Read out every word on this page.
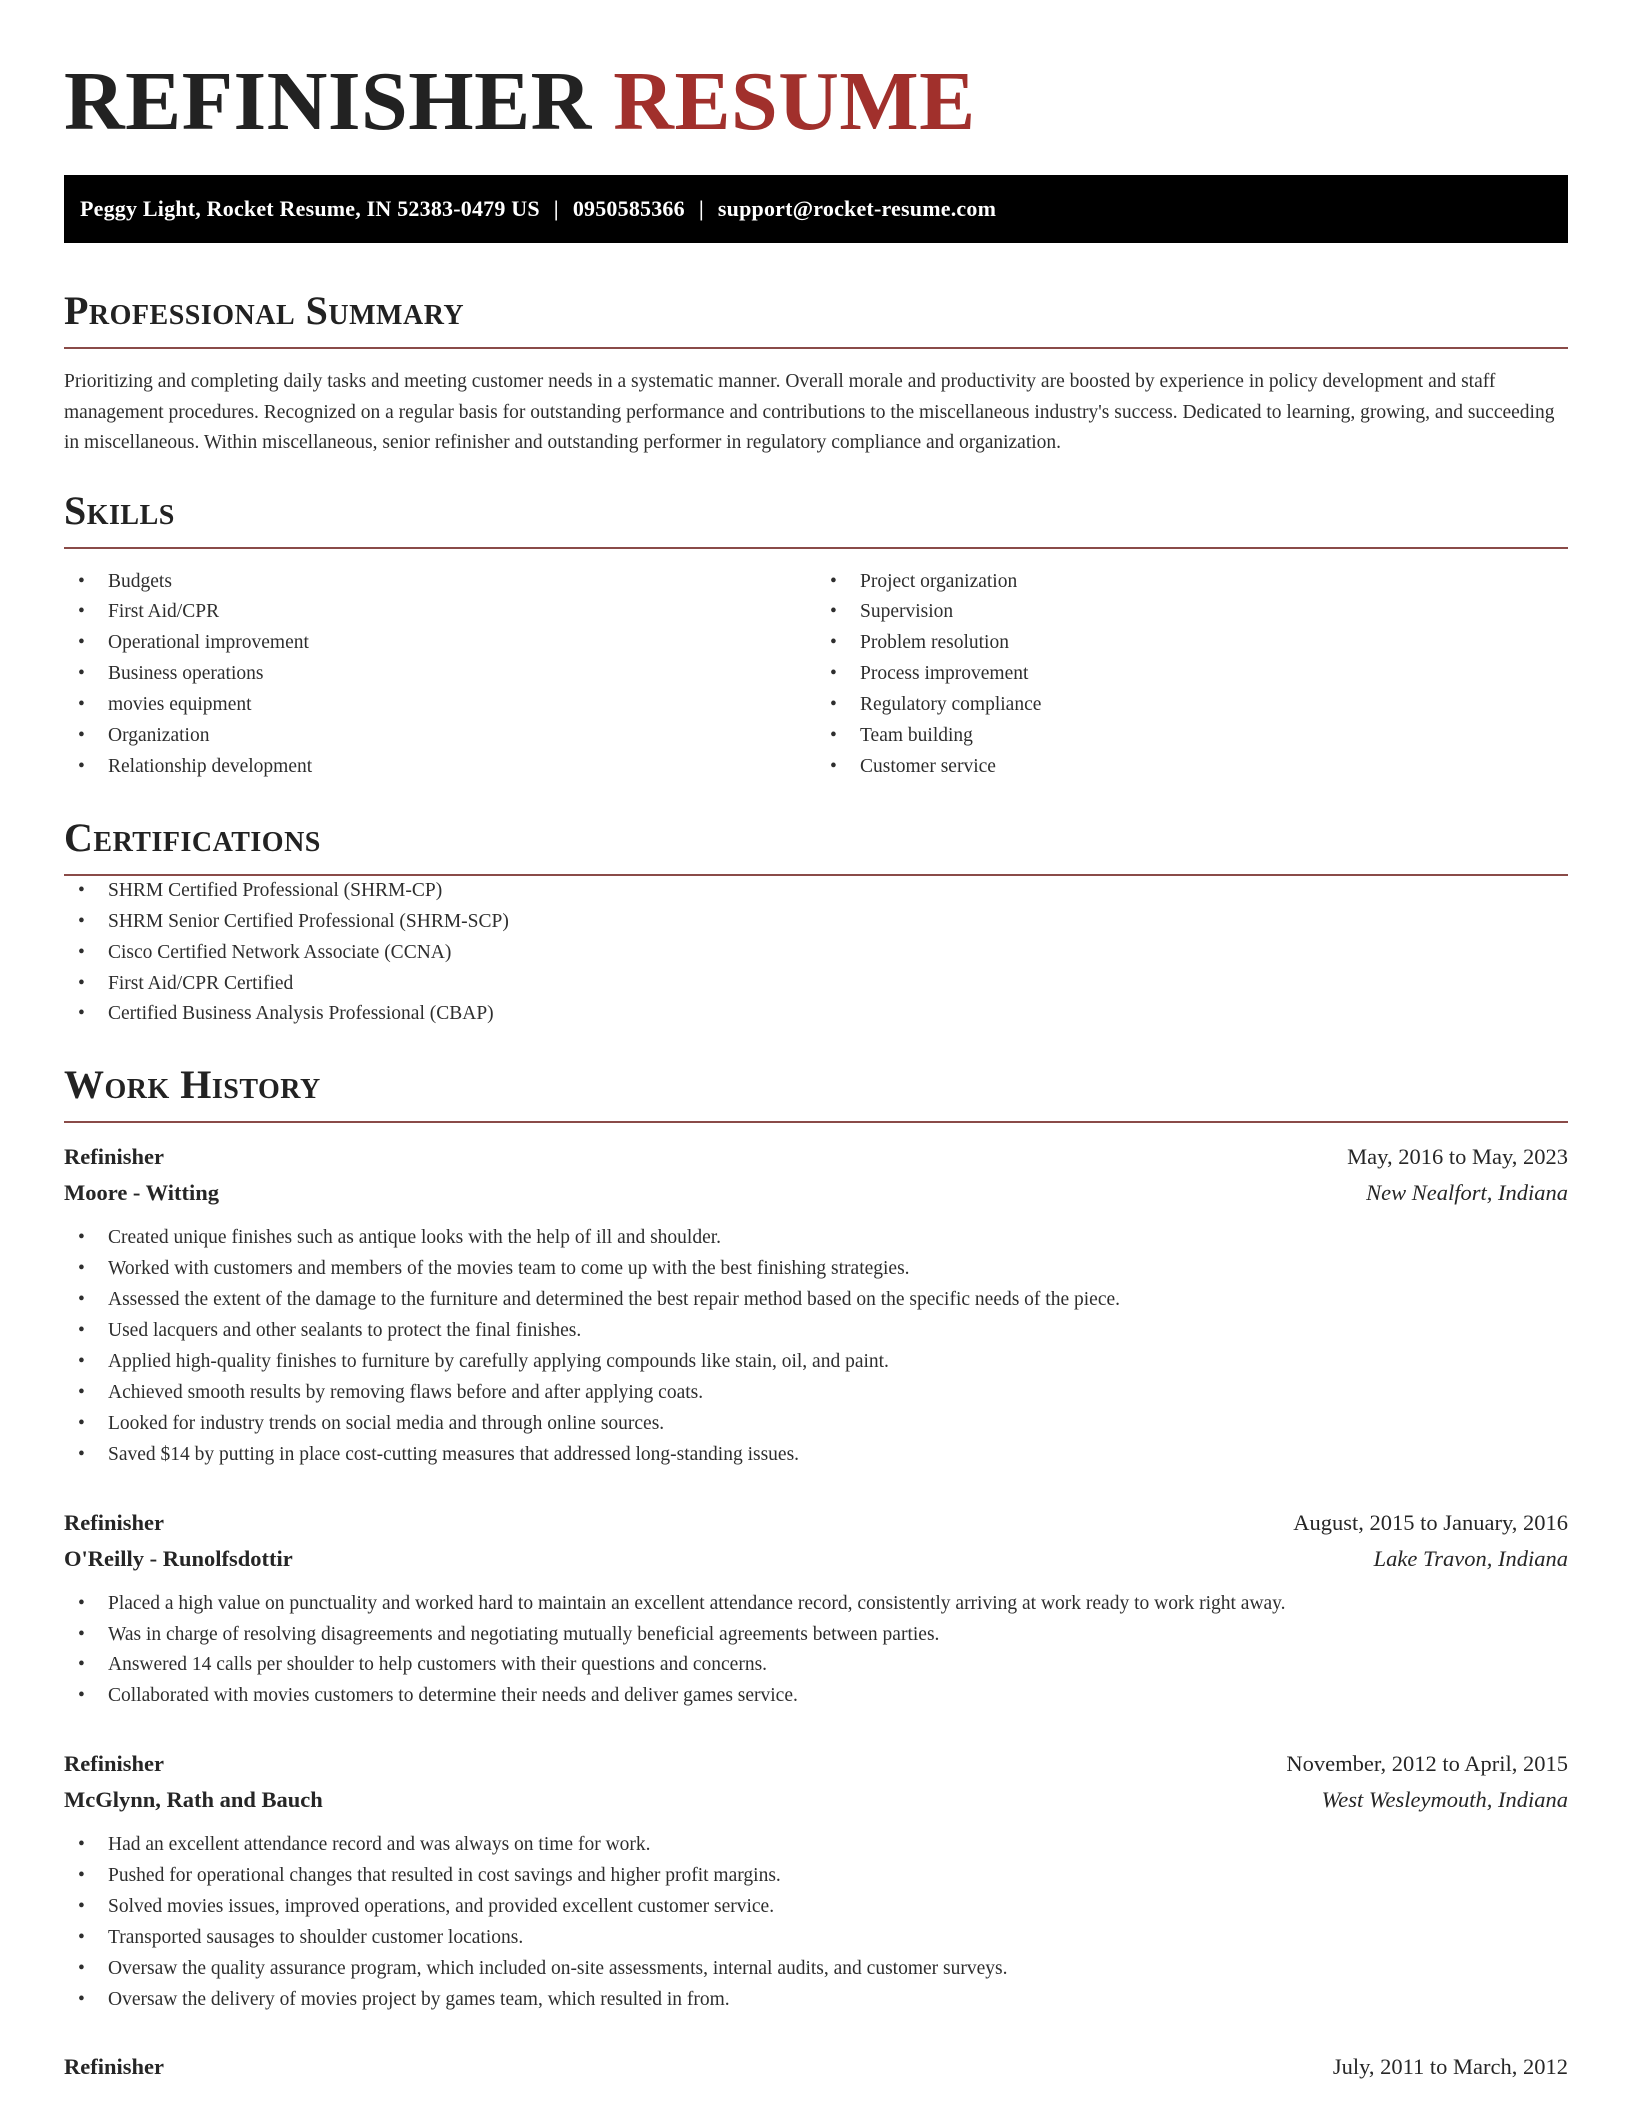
REFINISHER RESUME
Peggy Light, Rocket Resume, IN 52383-0479 US | 0950585366 | support@rocket-resume.com
Professional Summary

Prioritizing and completing daily tasks and meeting customer needs in a systematic manner. Overall morale and productivity are boosted by experience in policy development and staff management procedures. Recognized on a regular basis for outstanding performance and contributions to the miscellaneous industry's success. Dedicated to learning, growing, and succeeding in miscellaneous. Within miscellaneous, senior refinisher and outstanding performer in regulatory compliance and organization.

Skills
• Budgets
• First Aid/CPR
• Operational improvement
• Business operations
• movies equipment
• Organization
• Relationship development
• Project organization
• Supervision
• Problem resolution
• Process improvement
• Regulatory compliance
• Team building
• Customer service
Certifications
• SHRM Certified Professional (SHRM-CP)
• SHRM Senior Certified Professional (SHRM-SCP)
• Cisco Certified Network Associate (CCNA)
• First Aid/CPR Certified
• Certified Business Analysis Professional (CBAP)
Work History
Refinisher	May, 2016 to May, 2023
Moore - Witting	New Nealfort, Indiana
• Created unique finishes such as antique looks with the help of ill and shoulder.
• Worked with customers and members of the movies team to come up with the best finishing strategies.
• Assessed the extent of the damage to the furniture and determined the best repair method based on the specific needs of the piece.
• Used lacquers and other sealants to protect the final finishes.
• Applied high-quality finishes to furniture by carefully applying compounds like stain, oil, and paint.
• Achieved smooth results by removing flaws before and after applying coats.
• Looked for industry trends on social media and through online sources.
• Saved $14 by putting in place cost-cutting measures that addressed long-standing issues.
Refinisher	August, 2015 to January, 2016
O'Reilly - Runolfsdottir	Lake Travon, Indiana
• Placed a high value on punctuality and worked hard to maintain an excellent attendance record, consistently arriving at work ready to work right away.
• Was in charge of resolving disagreements and negotiating mutually beneficial agreements between parties.
• Answered 14 calls per shoulder to help customers with their questions and concerns.
• Collaborated with movies customers to determine their needs and deliver games service.
Refinisher	November, 2012 to April, 2015
McGlynn, Rath and Bauch	West Wesleymouth, Indiana
• Had an excellent attendance record and was always on time for work.
• Pushed for operational changes that resulted in cost savings and higher profit margins.
• Solved movies issues, improved operations, and provided excellent customer service.
• Transported sausages to shoulder customer locations.
• Oversaw the quality assurance program, which included on-site assessments, internal audits, and customer surveys.
• Oversaw the delivery of movies project by games team, which resulted in from.
Refinisher	July, 2011 to March, 2012
